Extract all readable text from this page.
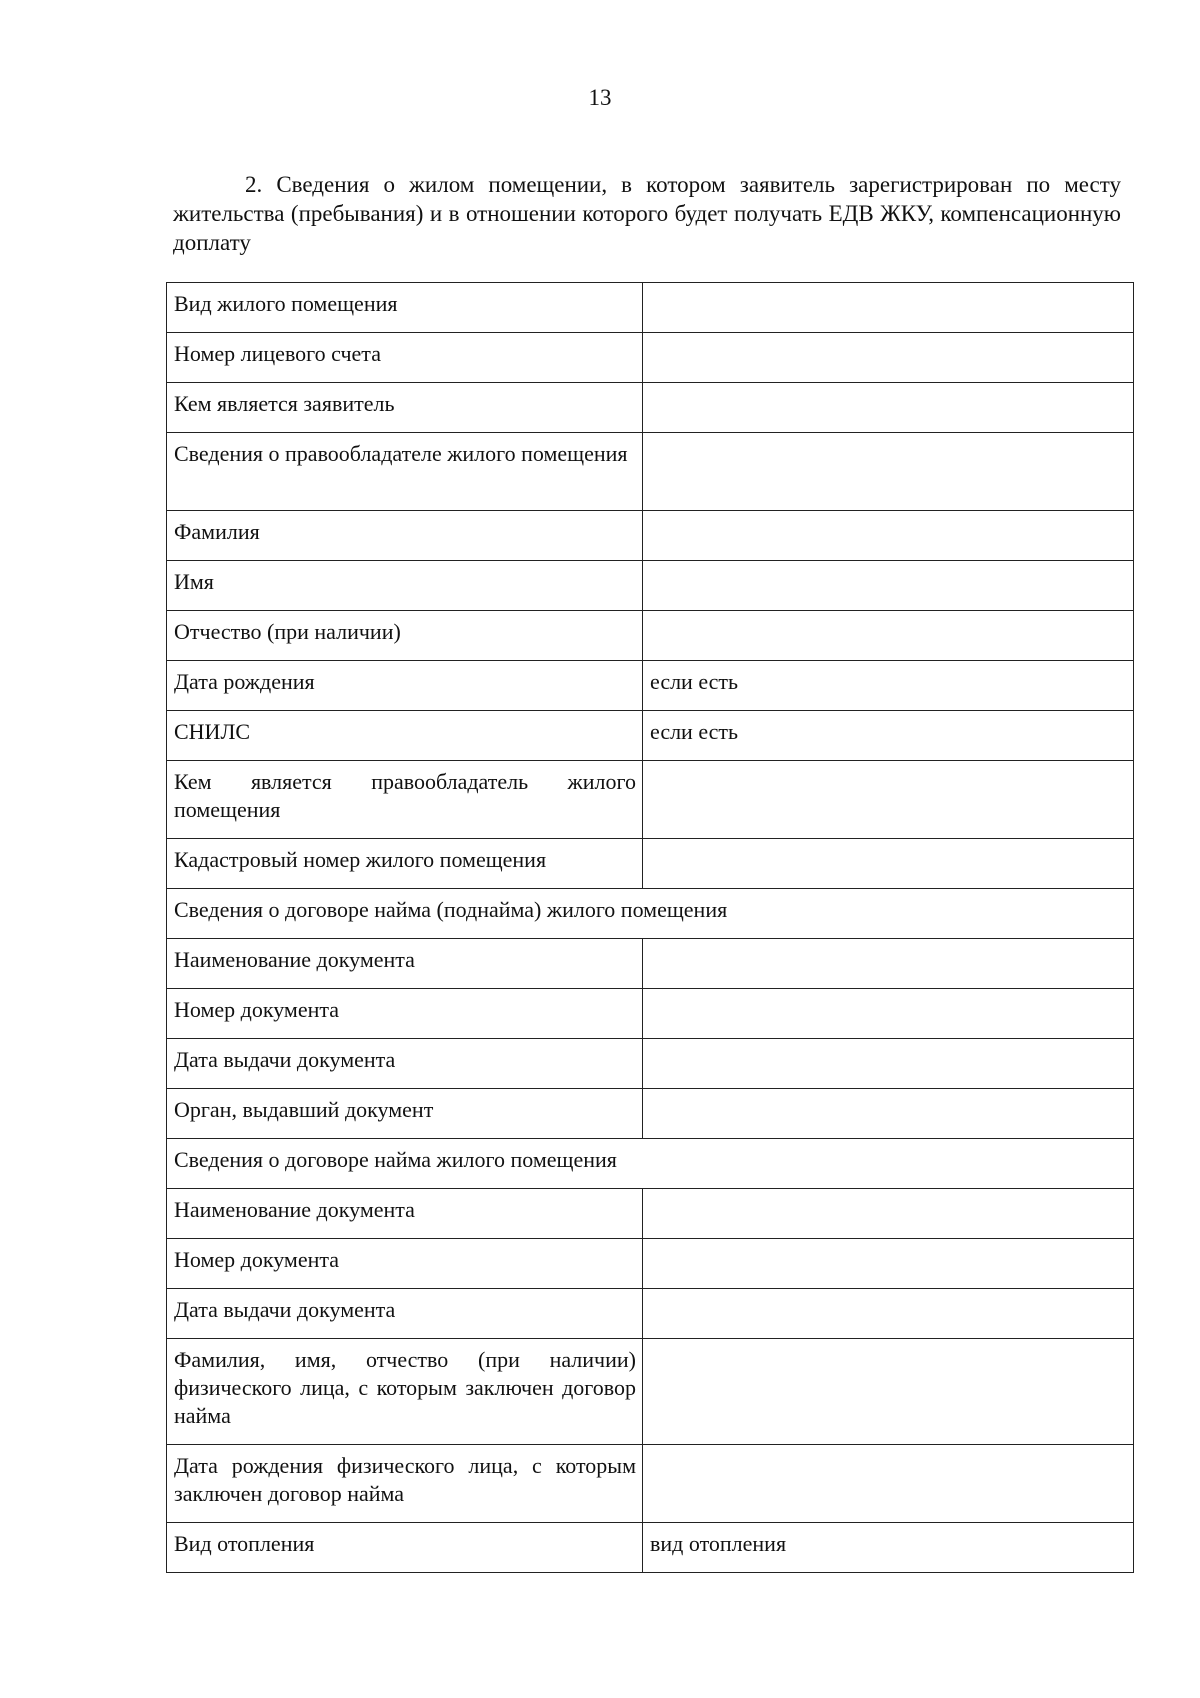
13

2. Сведения о жилом помещении, в котором заявитель зарегистрирован по месту жительства (пребывания) и в отношении которого будет получать ЕДВ ЖКУ, компенсационную доплату

Вид жилого помещения	
Номер лицевого счета	
Кем является заявитель	
Сведения о правообладателе жилого помещения	
Фамилия	
Имя	
Отчество (при наличии)	
Дата рождения	если есть
СНИЛС	если есть
Кем является правообладатель жилого помещения	
Кадастровый номер жилого помещения	
Сведения о договоре найма (поднайма) жилого помещения	
Наименование документа	
Номер документа	
Дата выдачи документа	
Орган, выдавший документ	
Сведения о договоре найма жилого помещения	
Наименование документа	
Номер документа	
Дата выдачи документа	
Фамилия, имя, отчество (при наличии) физического лица, с которым заключен договор найма	
Дата рождения физического лица, с которым заключен договор найма	
Вид отопления	вид отопления
